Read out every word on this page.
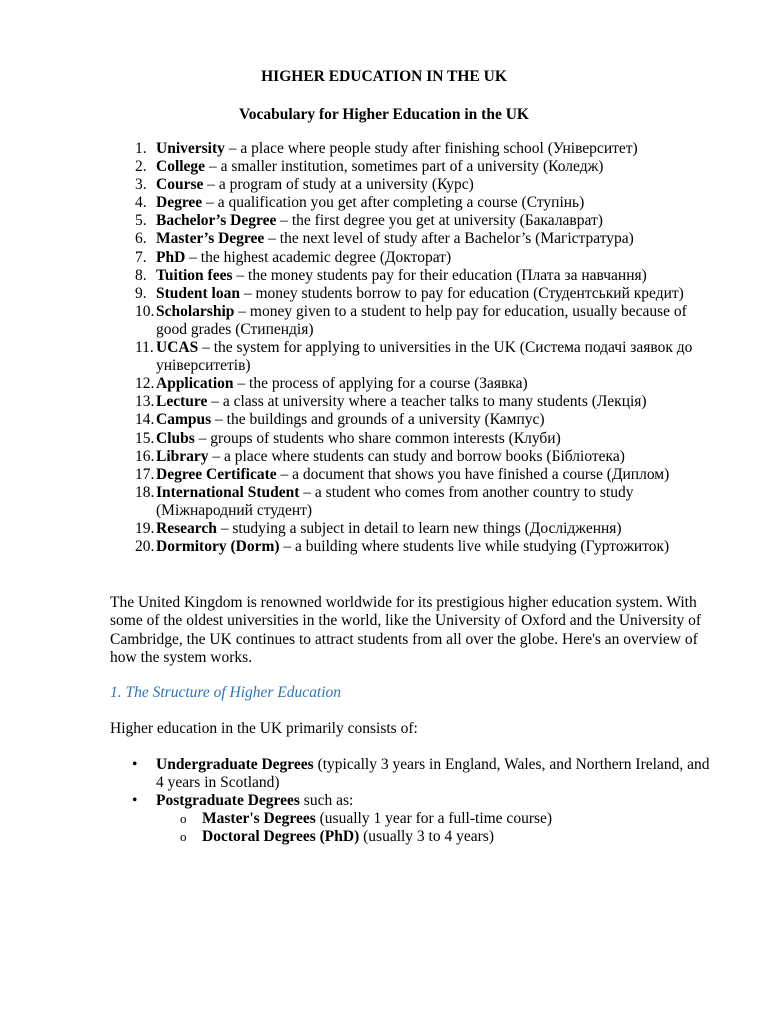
HIGHER EDUCATION IN THE UK
Vocabulary for Higher Education in the UK
1. University – a place where people study after finishing school (Університет)
2. College – a smaller institution, sometimes part of a university (Коледж)
3. Course – a program of study at a university (Курс)
4. Degree – a qualification you get after completing a course (Ступінь)
5. Bachelor’s Degree – the first degree you get at university (Бакалаврат)
6. Master’s Degree – the next level of study after a Bachelor’s (Магістратура)
7. PhD – the highest academic degree (Докторат)
8. Tuition fees – the money students pay for their education (Плата за навчання)
9. Student loan – money students borrow to pay for education (Студентський кредит)
10. Scholarship – money given to a student to help pay for education, usually because of good grades (Стипендія)
11. UCAS – the system for applying to universities in the UK (Система подачі заявок до університетів)
12. Application – the process of applying for a course (Заявка)
13. Lecture – a class at university where a teacher talks to many students (Лекція)
14. Campus – the buildings and grounds of a university (Кампус)
15. Clubs – groups of students who share common interests (Клуби)
16. Library – a place where students can study and borrow books (Бібліотека)
17. Degree Certificate – a document that shows you have finished a course (Диплом)
18. International Student – a student who comes from another country to study (Міжнародний студент)
19. Research – studying a subject in detail to learn new things (Дослідження)
20. Dormitory (Dorm) – a building where students live while studying (Гуртожиток)

The United Kingdom is renowned worldwide for its prestigious higher education system. With some of the oldest universities in the world, like the University of Oxford and the University of Cambridge, the UK continues to attract students from all over the globe. Here's an overview of how the system works.

1. The Structure of Higher Education

Higher education in the UK primarily consists of:

•	Undergraduate Degrees (typically 3 years in England, Wales, and Northern Ireland, and 4 years in Scotland)
•	Postgraduate Degrees such as:
o	Master's Degrees (usually 1 year for a full-time course)
o	Doctoral Degrees (PhD) (usually 3 to 4 years)
